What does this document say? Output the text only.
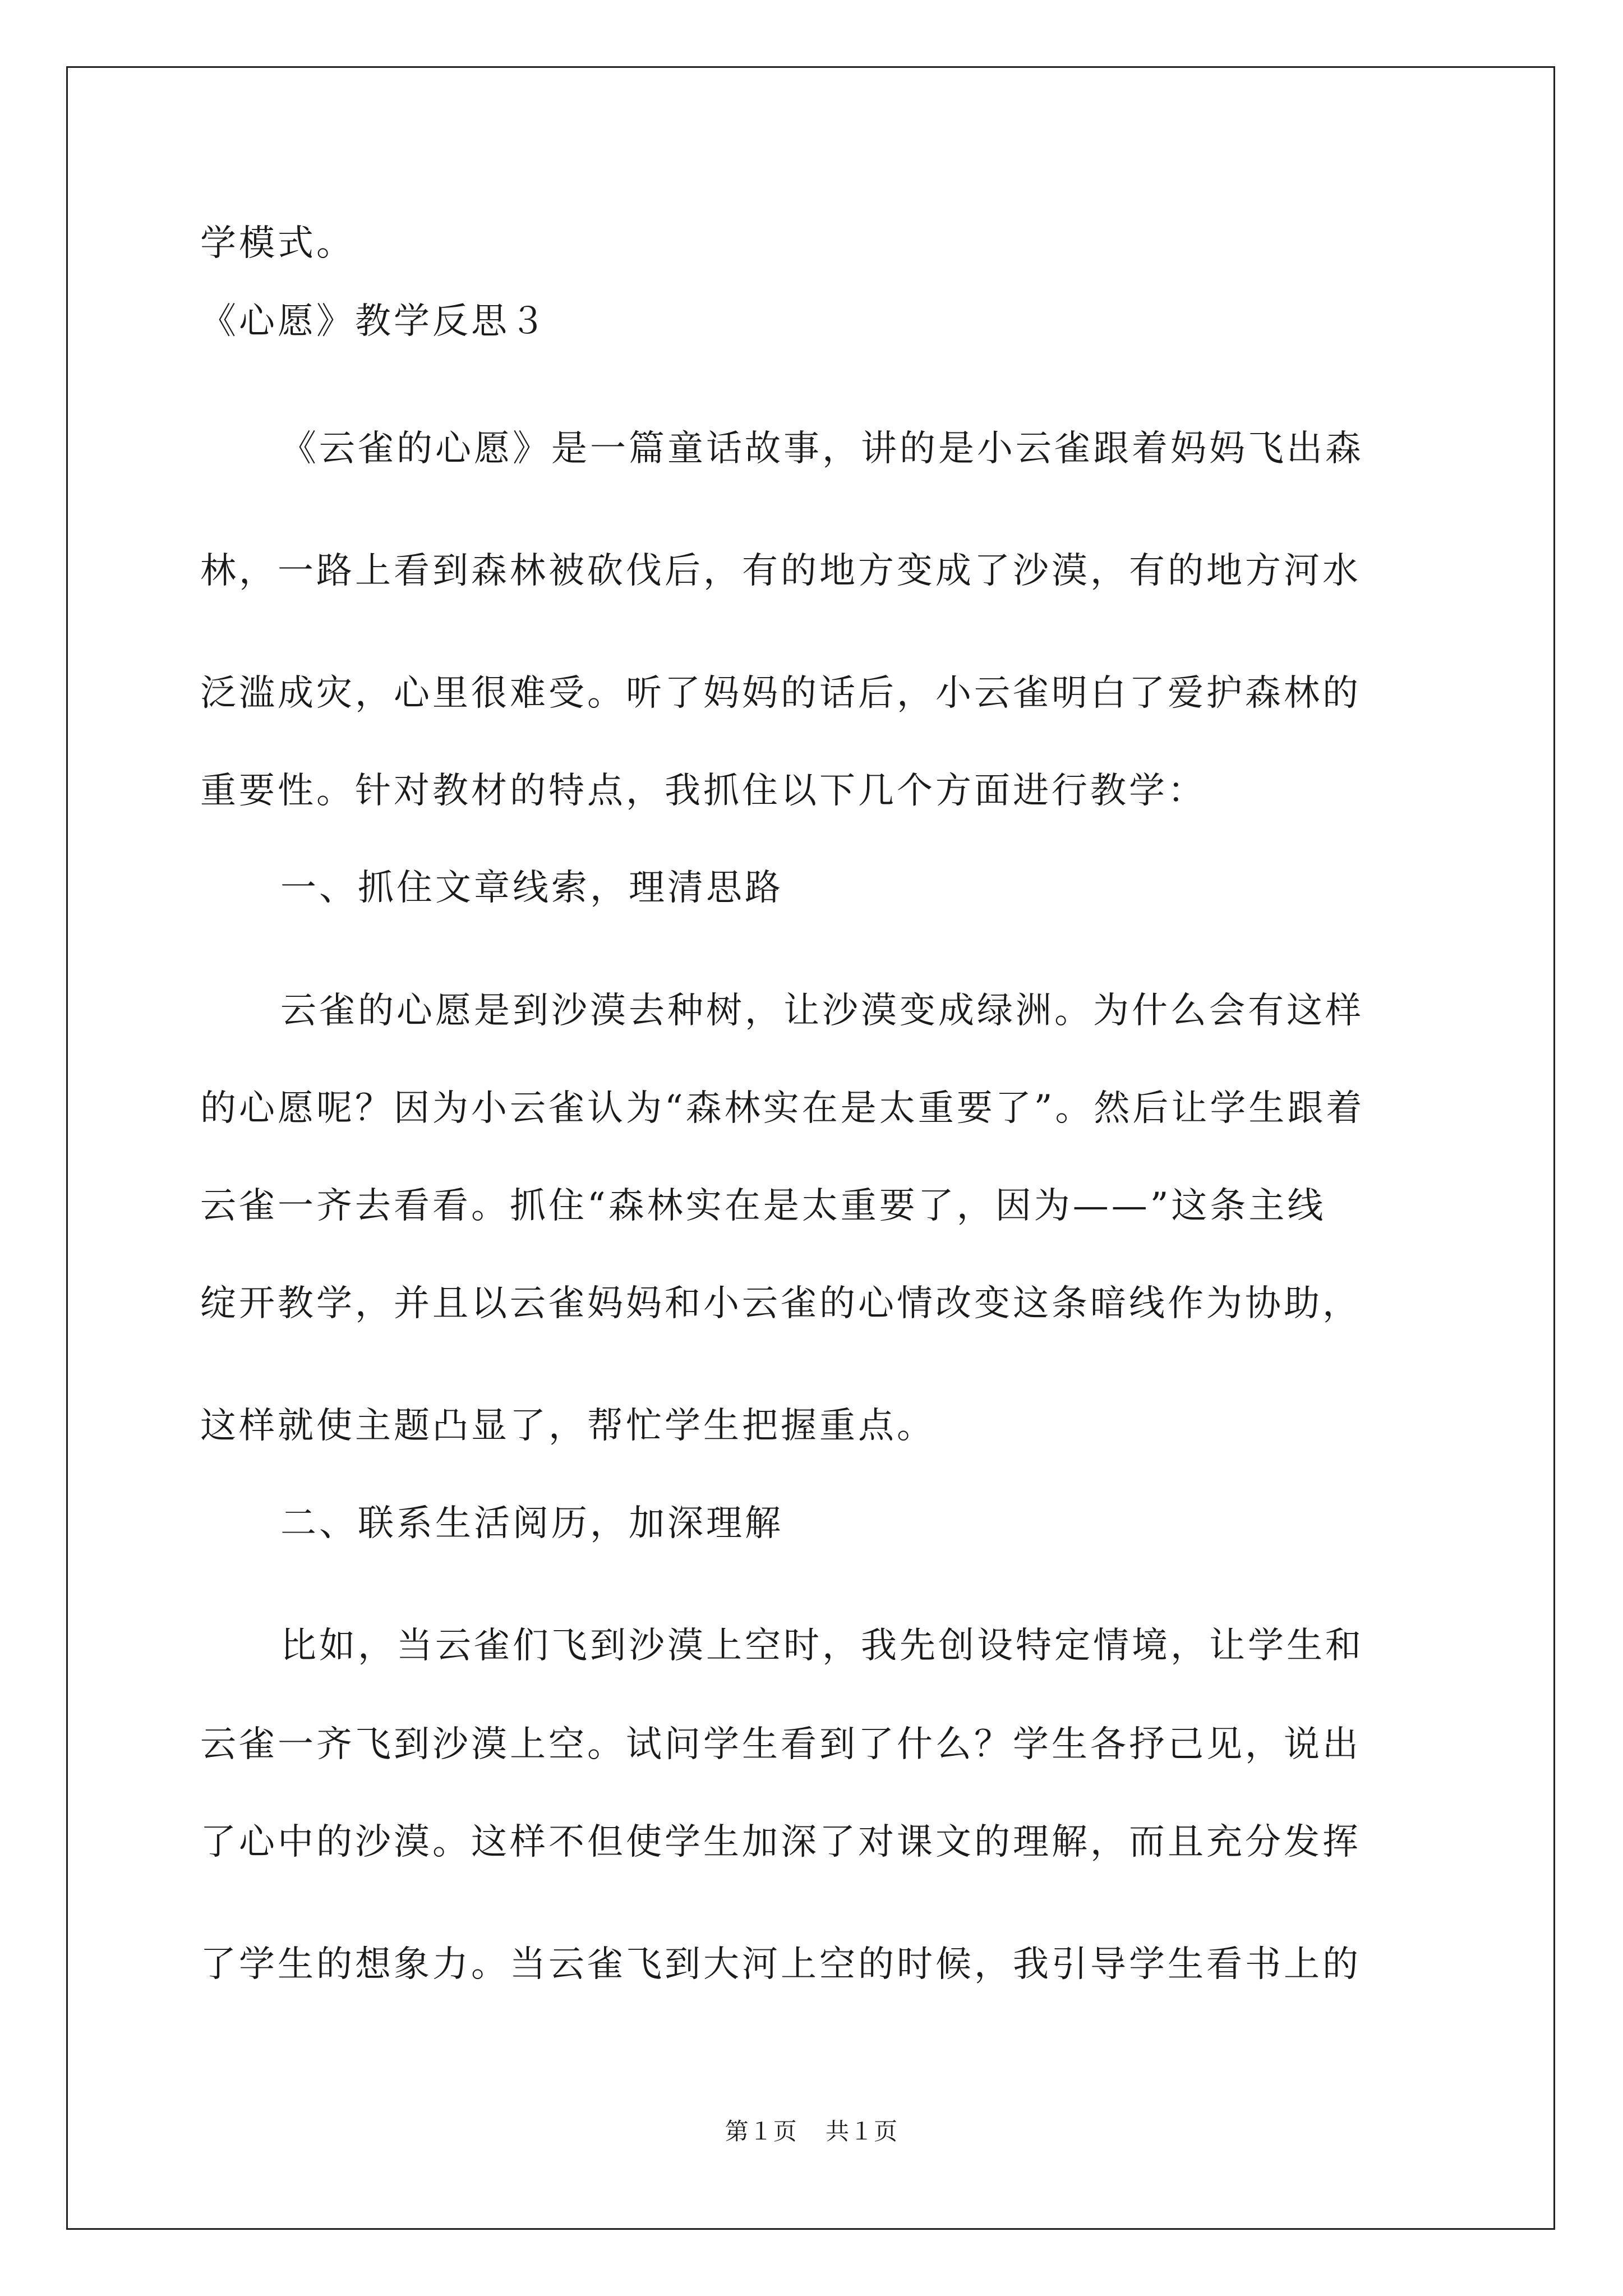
学模式。
《心愿》教学反思３
《云雀的心愿》是一篇童话故事，讲的是小云雀跟着妈妈飞出森
林，一路上看到森林被砍伐后，有的地方变成了沙漠，有的地方河水
泛滥成灾，心里很难受。听了妈妈的话后，小云雀明白了爱护森林的
重要性。针对教材的特点，我抓住以下几个方面进行教学：
一、抓住文章线索，理清思路
云雀的心愿是到沙漠去种树，让沙漠变成绿洲。为什么会有这样
的心愿呢？因为小云雀认为“森林实在是太重要了”。然后让学生跟着
云雀一齐去看看。抓住“森林实在是太重要了，因为——”这条主线
绽开教学，并且以云雀妈妈和小云雀的心情改变这条暗线作为协助，
这样就使主题凸显了，帮忙学生把握重点。
二、联系生活阅历，加深理解
比如，当云雀们飞到沙漠上空时，我先创设特定情境，让学生和
云雀一齐飞到沙漠上空。试问学生看到了什么？学生各抒己见，说出
了心中的沙漠。这样不但使学生加深了对课文的理解，而且充分发挥
了学生的想象力。当云雀飞到大河上空的时候，我引导学生看书上的
第１页 共１页
